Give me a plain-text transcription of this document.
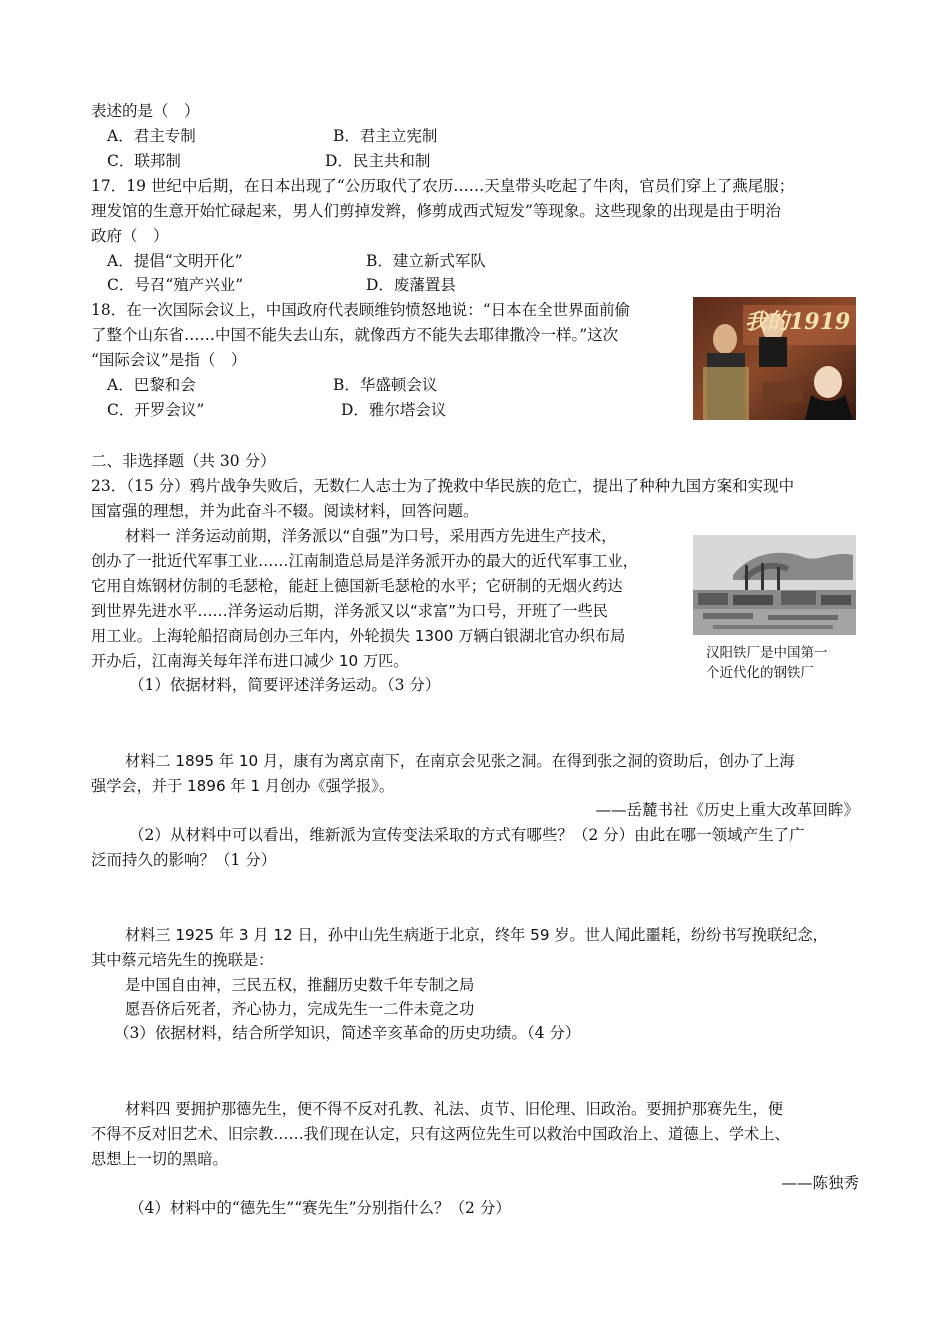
表述的是（　）
A．君主专制	B．君主立宪制
C．联邦制	D．民主共和制
17．19 世纪中后期，在日本出现了“公历取代了农历……天皇带头吃起了牛肉，官员们穿上了燕尾服；
理发馆的生意开始忙碌起来，男人们剪掉发辫，修剪成西式短发”等现象。这些现象的出现是由于明治
政府（　）
A．提倡“文明开化”	B．建立新式军队
C．号召“殖产兴业”	D．废藩置县
18．在一次国际会议上，中国政府代表顾维钧愤怒地说：“日本在全世界面前偷
了整个山东省……中国不能失去山东，就像西方不能失去耶律撒冷一样。”这次
“国际会议”是指（　）
A．巴黎和会	B．华盛顿会议
C．开罗会议”	D．雅尔塔会议
我的1919
二、非选择题（共 30 分）
23．（15 分）鸦片战争失败后，无数仁人志士为了挽救中华民族的危亡，提出了种种九国方案和实现中
国富强的理想，并为此奋斗不辍。阅读材料，回答问题。
材料一 洋务运动前期，洋务派以“自强”为口号，采用西方先进生产技术，
创办了一批近代军事工业……江南制造总局是洋务派开办的最大的近代军事工业，
它用自炼钢材仿制的毛瑟枪，能赶上德国新毛瑟枪的水平；它研制的无烟火药达
到世界先进水平……洋务运动后期，洋务派又以“求富”为口号，开班了一些民
用工业。上海轮船招商局创办三年内，外轮损失 1300 万辆白银湖北官办织布局
开办后，江南海关每年洋布进口减少 10 万匹。	汉阳铁厂是中国第一
个近代化的钢铁厂
（1）依据材料，简要评述洋务运动。（3 分）
材料二 1895 年 10 月，康有为离京南下，在南京会见张之洞。在得到张之洞的资助后，创办了上海
强学会，并于 1896 年 1 月创办《强学报》。
——岳麓书社《历史上重大改革回眸》
（2）从材料中可以看出，维新派为宣传变法采取的方式有哪些？（2 分）由此在哪一领域产生了广
泛而持久的影响？（1 分）
材料三 1925 年 3 月 12 日，孙中山先生病逝于北京，终年 59 岁。世人闻此噩耗，纷纷书写挽联纪念，
其中蔡元培先生的挽联是：
是中国自由神，三民五权，推翻历史数千年专制之局
愿吾侪后死者，齐心协力，完成先生一二件未竟之功
（3）依据材料，结合所学知识，简述辛亥革命的历史功绩。（4 分）
材料四 要拥护那德先生，便不得不反对孔教、礼法、贞节、旧伦理、旧政治。要拥护那赛先生，便
不得不反对旧艺术、旧宗教……我们现在认定，只有这两位先生可以救治中国政治上、道德上、学术上、
思想上一切的黑暗。
——陈独秀
（4）材料中的“德先生”“赛先生”分别指什么？（2 分）
